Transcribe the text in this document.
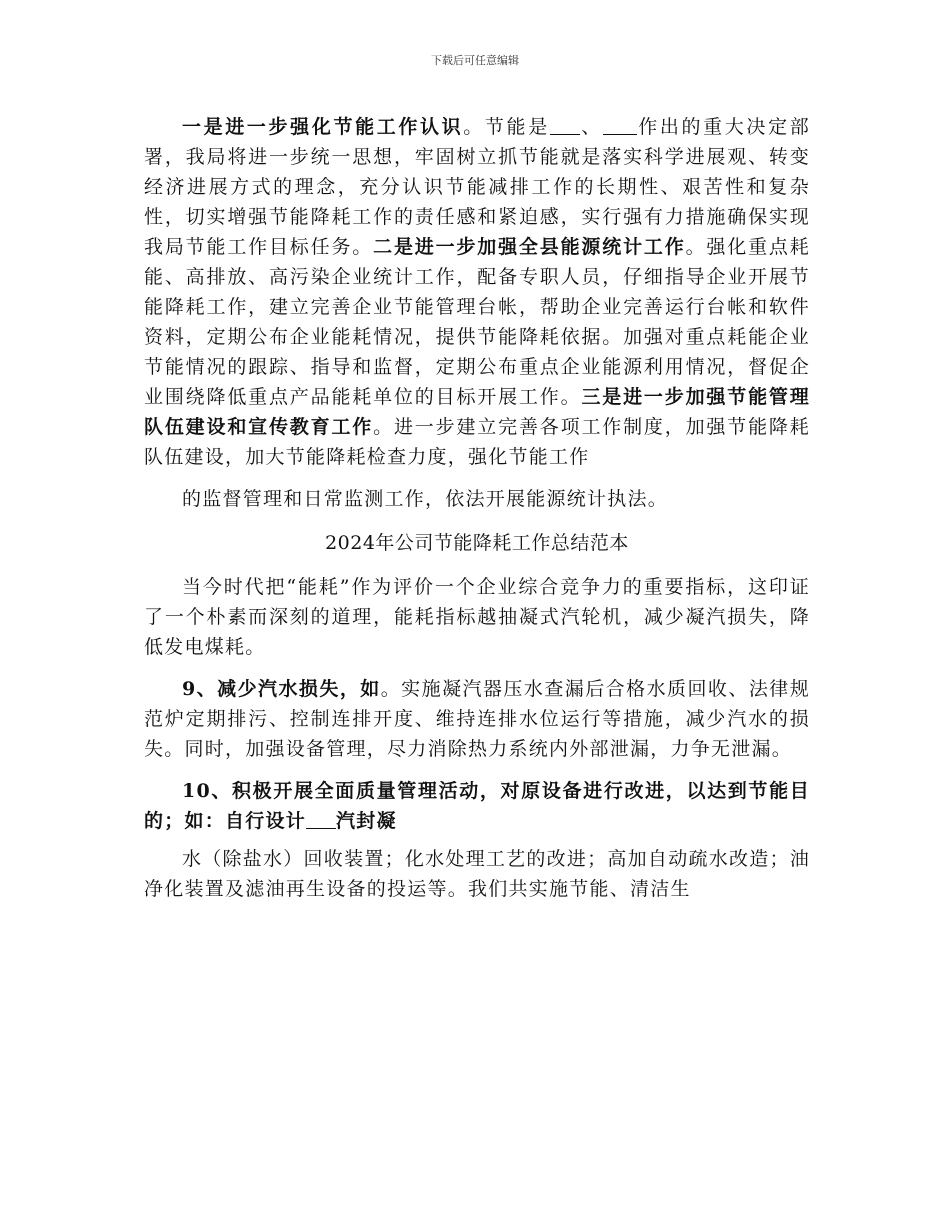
下载后可任意编辑

一是进一步强化节能工作认识。节能是 、 作出的重大决定部署，我局将进一步统一思想，牢固树立抓节能就是落实科学进展观、转变经济进展方式的理念，充分认识节能减排工作的长期性、艰苦性和复杂性，切实增强节能降耗工作的责任感和紧迫感，实行强有力措施确保实现我局节能工作目标任务。二是进一步加强全县能源统计工作。强化重点耗能、高排放、高污染企业统计工作，配备专职人员，仔细指导企业开展节能降耗工作，建立完善企业节能管理台帐，帮助企业完善运行台帐和软件资料，定期公布企业能耗情况，提供节能降耗依据。加强对重点耗能企业节能情况的跟踪、指导和监督，定期公布重点企业能源利用情况，督促企业围绕降低重点产品能耗单位的目标开展工作。三是进一步加强节能管理队伍建设和宣传教育工作。进一步建立完善各项工作制度，加强节能降耗队伍建设，加大节能降耗检查力度，强化节能工作

的监督管理和日常监测工作，依法开展能源统计执法。

2024年公司节能降耗工作总结范本

当今时代把“能耗”作为评价一个企业综合竞争力的重要指标，这印证了一个朴素而深刻的道理，能耗指标越抽凝式汽轮机，减少凝汽损失，降低发电煤耗。

9、减少汽水损失，如。实施凝汽器压水查漏后合格水质回收、法律规范炉定期排污、控制连排开度、维持连排水位运行等措施，减少汽水的损失。同时，加强设备管理，尽力消除热力系统内外部泄漏，力争无泄漏。

10、积极开展全面质量管理活动，对原设备进行改进，以达到节能目的；如：自行设计 汽封凝

水（除盐水）回收装置；化水处理工艺的改进；高加自动疏水改造；油净化装置及滤油再生设备的投运等。我们共实施节能、清洁生
